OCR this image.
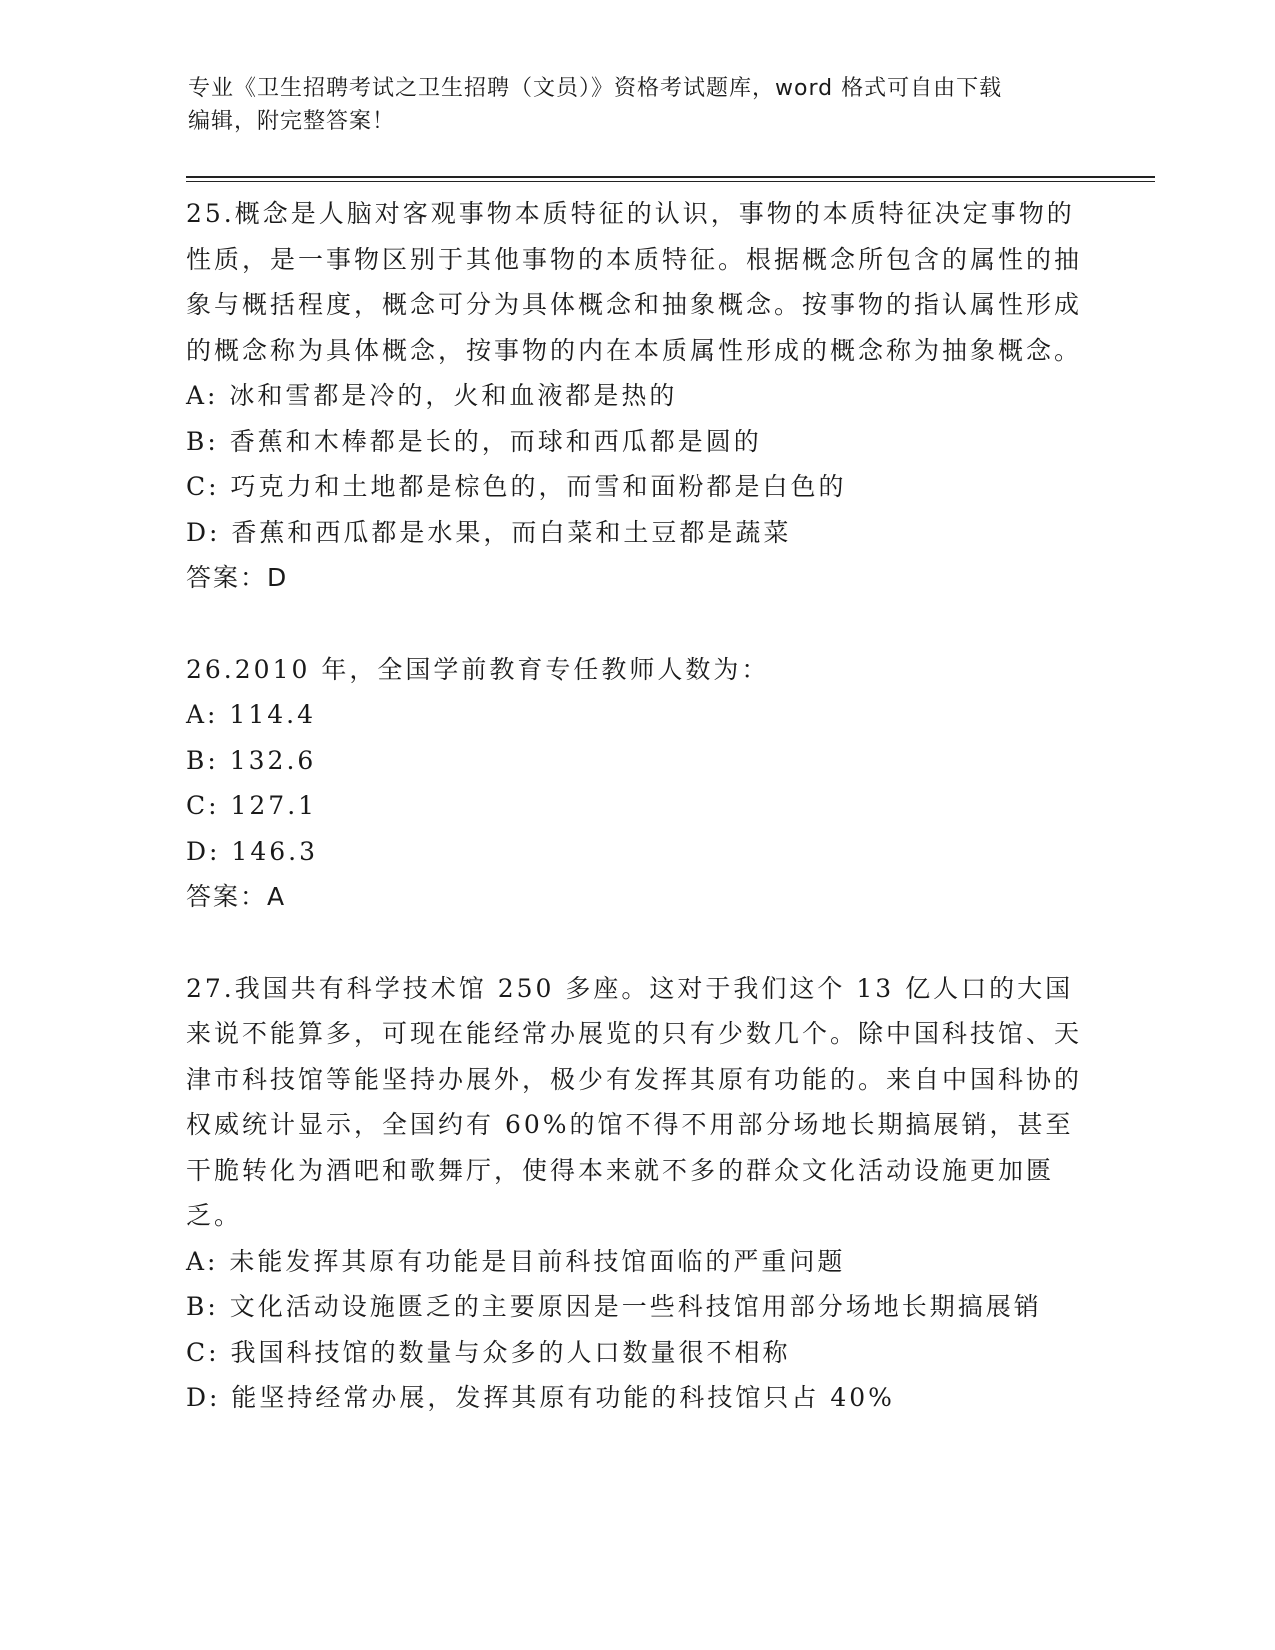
专业《卫生招聘考试之卫生招聘（文员）》资格考试题库，word 格式可自由下载
编辑，附完整答案！

25.概念是人脑对客观事物本质特征的认识，事物的本质特征决定事物的性质，是一事物区别于其他事物的本质特征。根据概念所包含的属性的抽象与概括程度，概念可分为具体概念和抽象概念。按事物的指认属性形成的概念称为具体概念，按事物的内在本质属性形成的概念称为抽象概念。

A: 冰和雪都是冷的，火和血液都是热的

B: 香蕉和木棒都是长的，而球和西瓜都是圆的

C: 巧克力和土地都是棕色的，而雪和面粉都是白色的

D: 香蕉和西瓜都是水果，而白菜和土豆都是蔬菜

答案：D

26.2010 年，全国学前教育专任教师人数为：

A: 114.4

B: 132.6

C: 127.1

D: 146.3

答案：A

27.我国共有科学技术馆 250 多座。这对于我们这个 13 亿人口的大国来说不能算多，可现在能经常办展览的只有少数几个。除中国科技馆、天津市科技馆等能坚持办展外，极少有发挥其原有功能的。来自中国科协的权威统计显示，全国约有 60%的馆不得不用部分场地长期搞展销，甚至干脆转化为酒吧和歌舞厅，使得本来就不多的群众文化活动设施更加匮乏。

A: 未能发挥其原有功能是目前科技馆面临的严重问题

B: 文化活动设施匮乏的主要原因是一些科技馆用部分场地长期搞展销

C: 我国科技馆的数量与众多的人口数量很不相称

D: 能坚持经常办展，发挥其原有功能的科技馆只占 40%
